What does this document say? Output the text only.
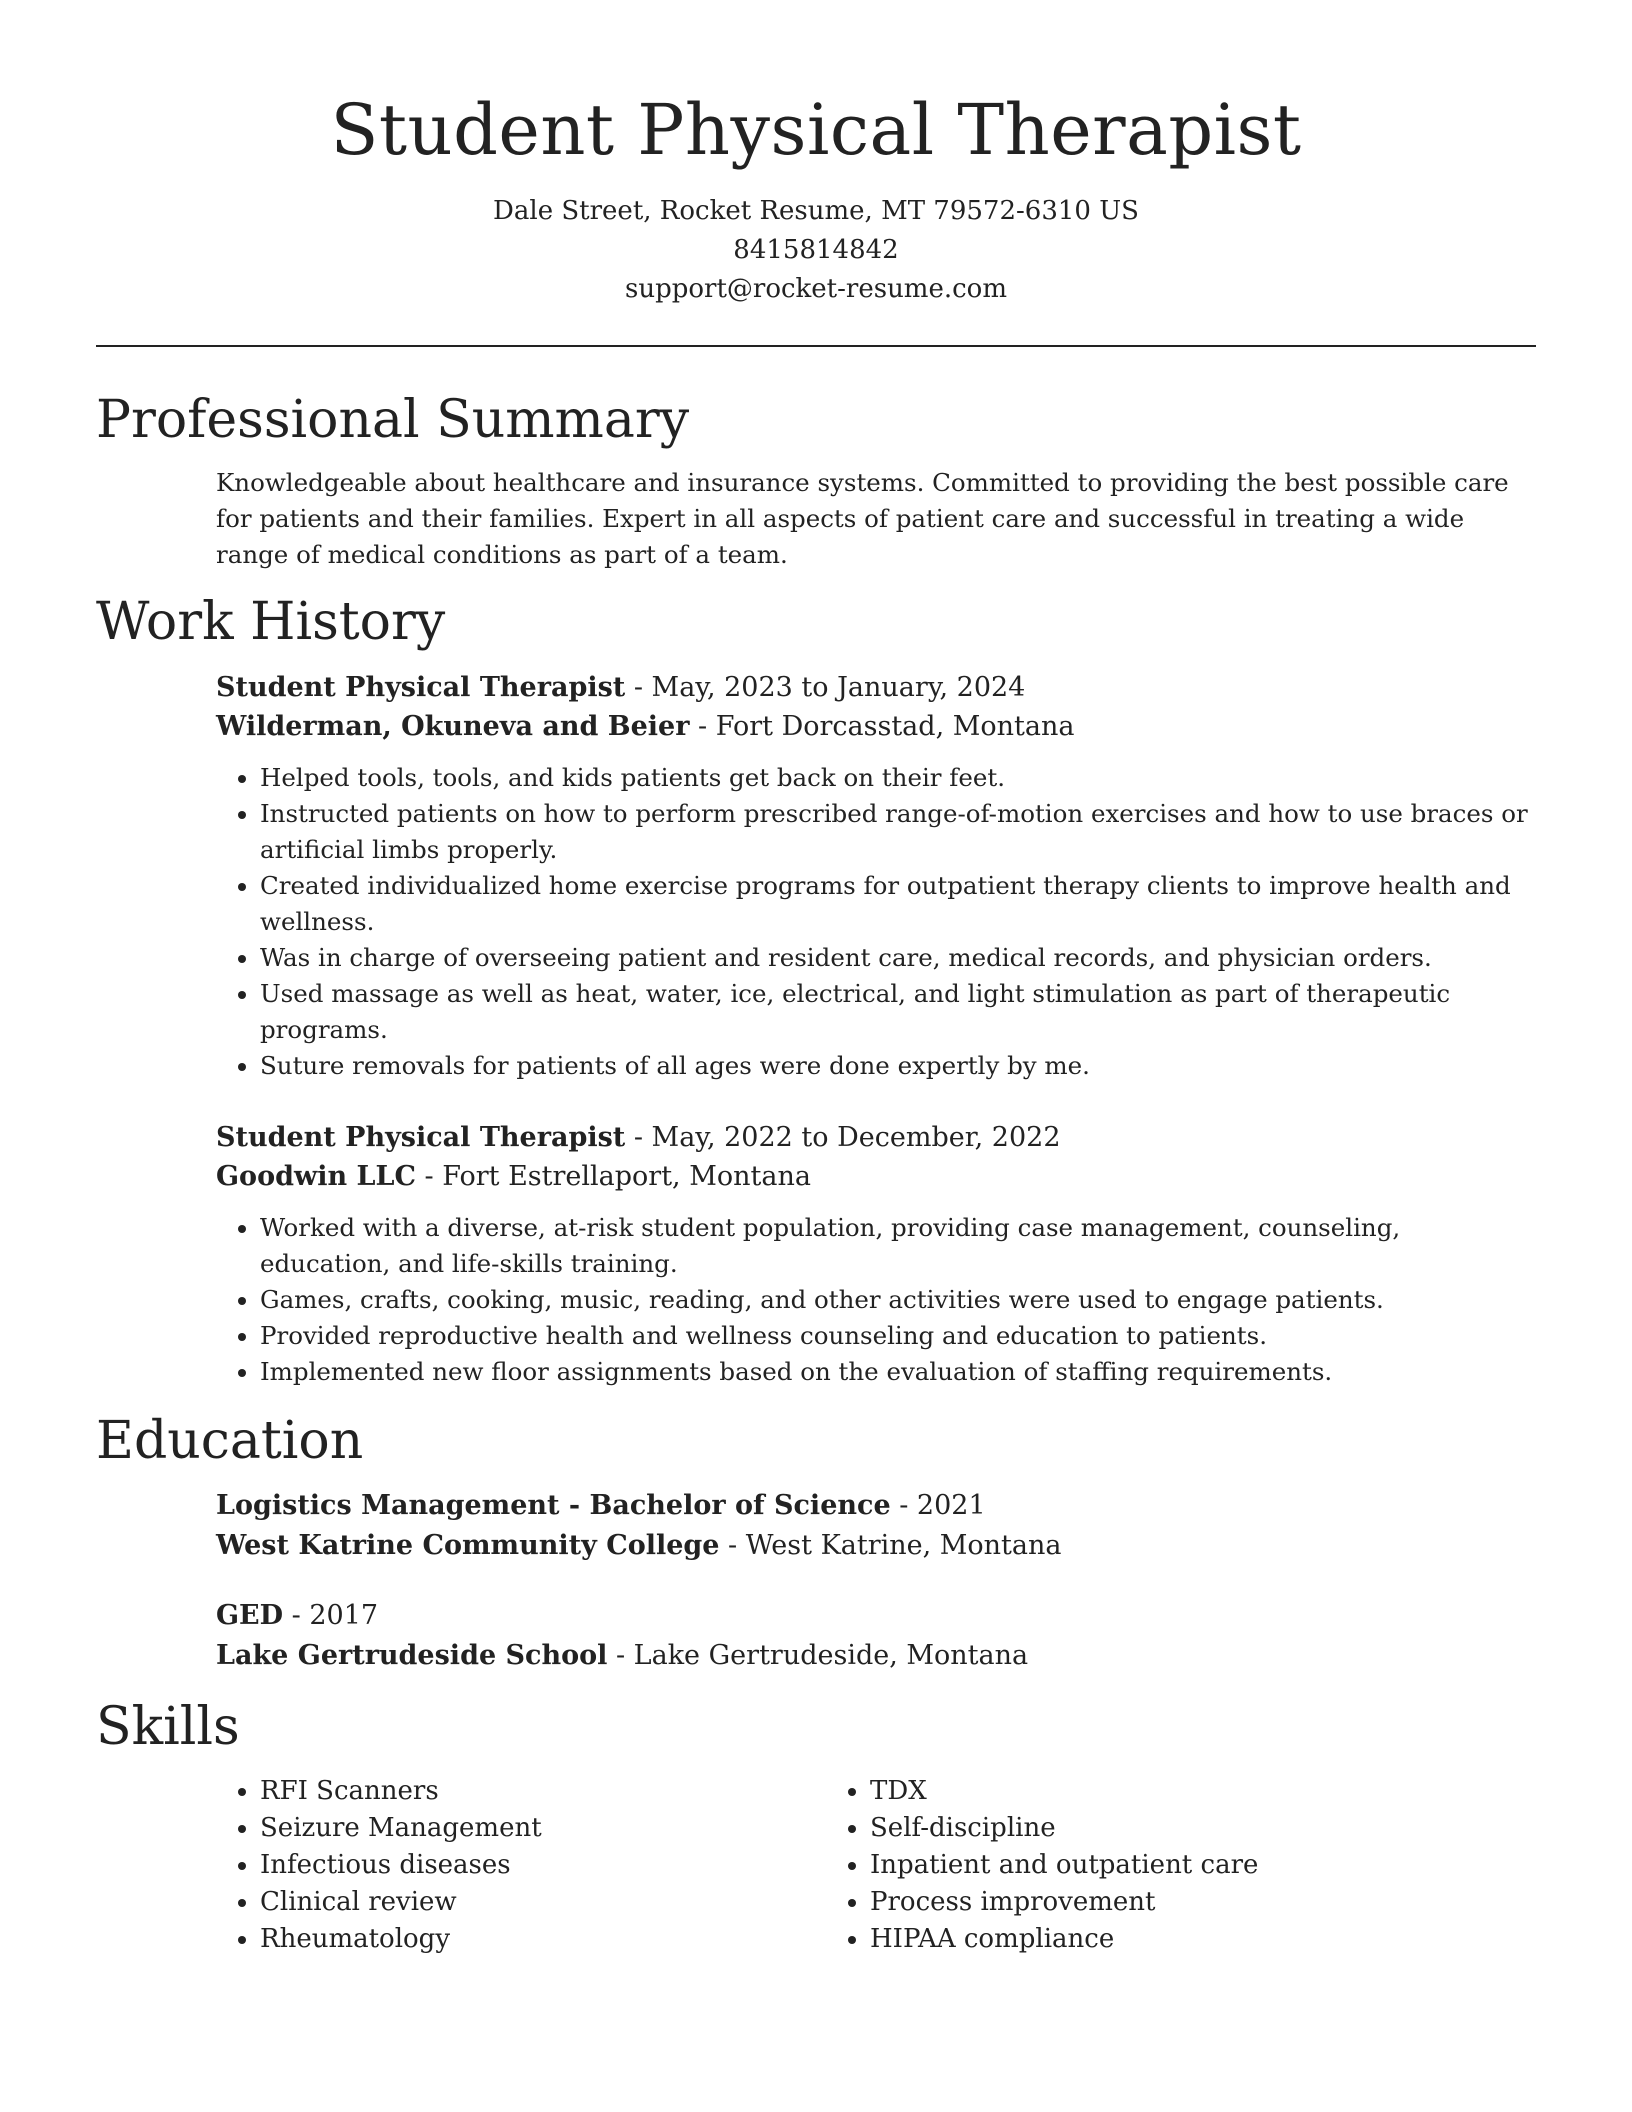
Student Physical Therapist
Dale Street, Rocket Resume, MT 79572-6310 US
8415814842
support@rocket-resume.com
Professional Summary

Knowledgeable about healthcare and insurance systems. Committed to providing the best possible care for patients and their families. Expert in all aspects of patient care and successful in treating a wide range of medical conditions as part of a team.

Work History
Student Physical Therapist - May, 2023 to January, 2024
Wilderman, Okuneva and Beier - Fort Dorcasstad, Montana
• Helped tools, tools, and kids patients get back on their feet.
• Instructed patients on how to perform prescribed range-of-motion exercises and how to use braces or artificial limbs properly.
• Created individualized home exercise programs for outpatient therapy clients to improve health and wellness.
• Was in charge of overseeing patient and resident care, medical records, and physician orders.
• Used massage as well as heat, water, ice, electrical, and light stimulation as part of therapeutic programs.
• Suture removals for patients of all ages were done expertly by me.
Student Physical Therapist - May, 2022 to December, 2022
Goodwin LLC - Fort Estrellaport, Montana
• Worked with a diverse, at-risk student population, providing case management, counseling, education, and life-skills training.
• Games, crafts, cooking, music, reading, and other activities were used to engage patients.
• Provided reproductive health and wellness counseling and education to patients.
• Implemented new floor assignments based on the evaluation of staffing requirements.
Education
Logistics Management - Bachelor of Science - 2021
West Katrine Community College - West Katrine, Montana
GED - 2017
Lake Gertrudeside School - Lake Gertrudeside, Montana
Skills
• RFI Scanners
• Seizure Management
• Infectious diseases
• Clinical review
• Rheumatology
• TDX
• Self-discipline
• Inpatient and outpatient care
• Process improvement
• HIPAA compliance
